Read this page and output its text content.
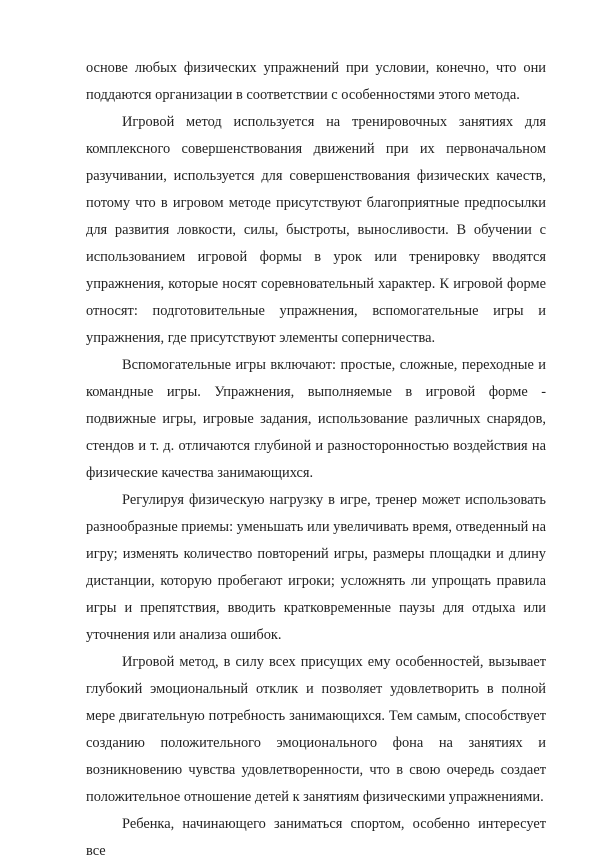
основе любых физических упражнений при условии, конечно, что они поддаются организации в соответствии с особенностями этого метода.

Игровой метод используется на тренировочных занятиях для комплексного совершенствования движений при их первоначальном разучивании, используется для совершенствования физических качеств, потому что в игровом методе присутствуют благоприятные предпосылки для развития ловкости, силы, быстроты, выносливости. В обучении с использованием игровой формы в урок или тренировку вводятся упражнения, которые носят соревновательный характер. К игровой форме относят: подготовительные упражнения, вспомогательные игры и упражнения, где присутствуют элементы соперничества.

Вспомогательные игры включают: простые, сложные, переходные и командные игры. Упражнения, выполняемые в игровой форме - подвижные игры, игровые задания, использование различных снарядов, стендов и т. д. отличаются глубиной и разносторонностью воздействия на физические качества занимающихся.

Регулируя физическую нагрузку в игре, тренер может использовать разнообразные приемы: уменьшать или увеличивать время, отведенный на игру; изменять количество повторений игры, размеры площадки и длину дистанции, которую пробегают игроки; усложнять ли упрощать правила игры и препятствия, вводить кратковременные паузы для отдыха или уточнения или анализа ошибок.

Игровой метод, в силу всех присущих ему особенностей, вызывает глубокий эмоциональный отклик и позволяет удовлетворить в полной мере двигательную потребность занимающихся. Тем самым, способствует созданию положительного эмоционального фона на занятиях и возникновению чувства удовлетворенности, что в свою очередь создает положительное отношение детей к занятиям физическими упражнениями.

Ребенка, начинающего заниматься спортом, особенно интересует все
